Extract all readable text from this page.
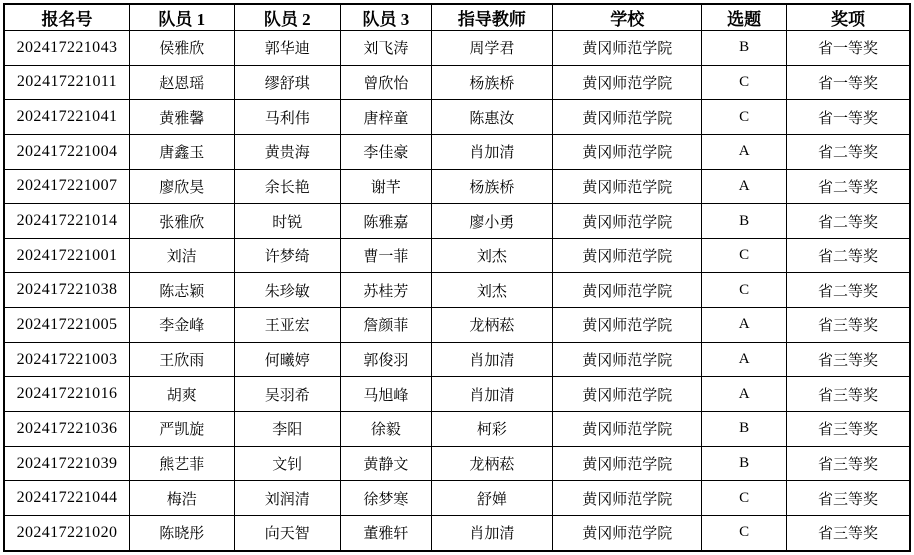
报名号	队员 1	队员 2	队员 3	指导教师	学校	选题	奖项
202417221043	侯雅欣	郭华迪	刘飞涛	周学君	黄冈师范学院	B	省一等奖
202417221011	赵恩瑶	缪舒琪	曾欣怡	杨族桥	黄冈师范学院	C	省一等奖
202417221041	黄雅馨	马利伟	唐梓童	陈惠汝	黄冈师范学院	C	省一等奖
202417221004	唐鑫玉	黄贵海	李佳豪	肖加清	黄冈师范学院	A	省二等奖
202417221007	廖欣昊	余长艳	谢芊	杨族桥	黄冈师范学院	A	省二等奖
202417221014	张雅欣	时锐	陈雅嘉	廖小勇	黄冈师范学院	B	省二等奖
202417221001	刘洁	许梦绮	曹一菲	刘杰	黄冈师范学院	C	省二等奖
202417221038	陈志颖	朱珍敏	苏桂芳	刘杰	黄冈师范学院	C	省二等奖
202417221005	李金峰	王亚宏	詹颜菲	龙柄菘	黄冈师范学院	A	省三等奖
202417221003	王欣雨	何曦婷	郭俊羽	肖加清	黄冈师范学院	A	省三等奖
202417221016	胡爽	吴羽希	马旭峰	肖加清	黄冈师范学院	A	省三等奖
202417221036	严凯旋	李阳	徐毅	柯彩	黄冈师范学院	B	省三等奖
202417221039	熊艺菲	文钊	黄静文	龙柄菘	黄冈师范学院	B	省三等奖
202417221044	梅浩	刘润清	徐梦寒	舒婵	黄冈师范学院	C	省三等奖
202417221020	陈晓彤	向天智	董雅轩	肖加清	黄冈师范学院	C	省三等奖
